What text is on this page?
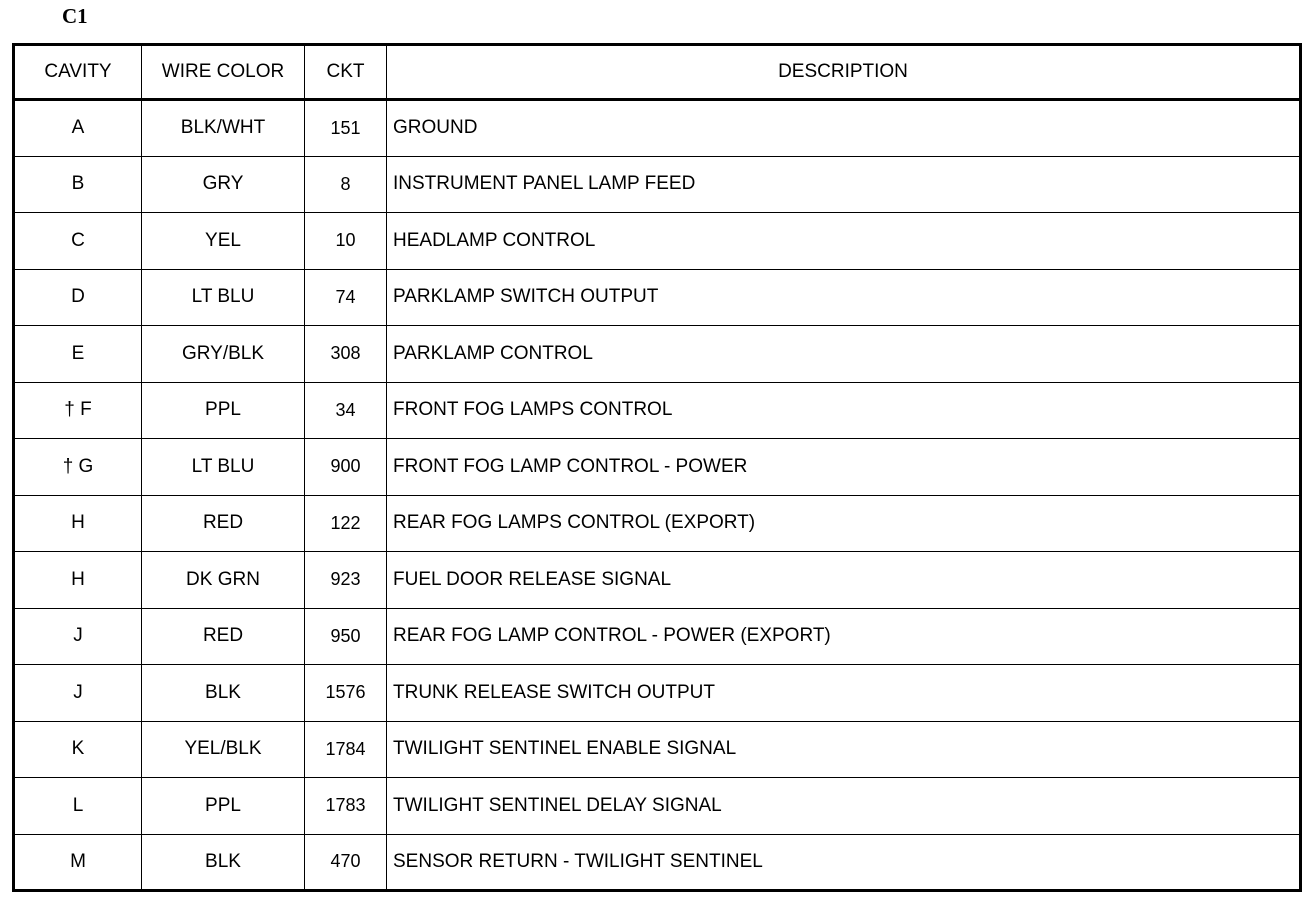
C1
CAVITY	WIRE COLOR	CKT	DESCRIPTION
A	BLK/WHT	151	GROUND
B	GRY	8	INSTRUMENT PANEL LAMP FEED
C	YEL	10	HEADLAMP CONTROL
D	LT BLU	74	PARKLAMP SWITCH OUTPUT
E	GRY/BLK	308	PARKLAMP CONTROL
† F	PPL	34	FRONT FOG LAMPS CONTROL
† G	LT BLU	900	FRONT FOG LAMP CONTROL - POWER
H	RED	122	REAR FOG LAMPS CONTROL (EXPORT)
H	DK GRN	923	FUEL DOOR RELEASE SIGNAL
J	RED	950	REAR FOG LAMP CONTROL - POWER (EXPORT)
J	BLK	1576	TRUNK RELEASE SWITCH OUTPUT
K	YEL/BLK	1784	TWILIGHT SENTINEL ENABLE SIGNAL
L	PPL	1783	TWILIGHT SENTINEL DELAY SIGNAL
M	BLK	470	SENSOR RETURN - TWILIGHT SENTINEL
